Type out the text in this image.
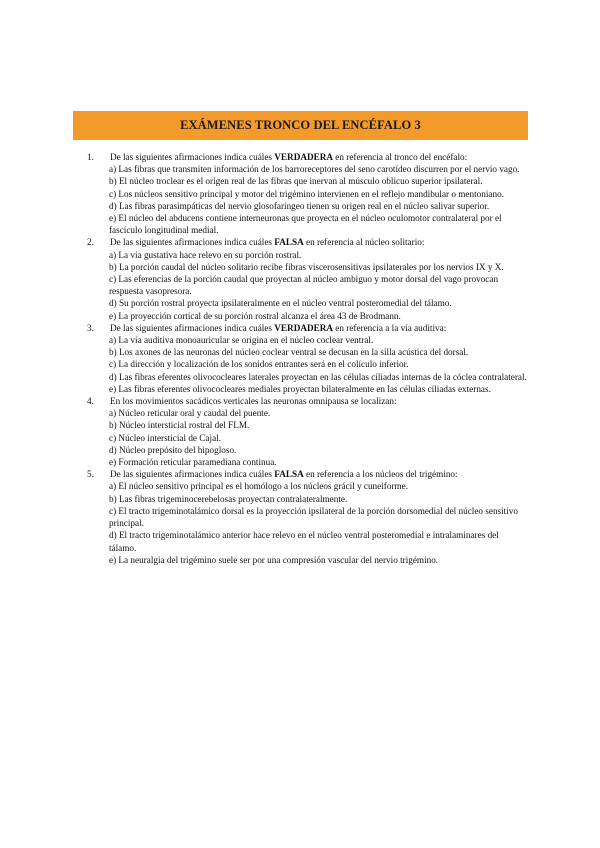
EXÁMENES TRONCO DEL ENCÉFALO 3
1. De las siguientes afirmaciones indica cuáles VERDADERA en referencia al tronco del encéfalo:
a) Las fibras que transmiten información de los barroreceptores del seno carotídeo discurren por el nervio vago.
b) El núcleo troclear es el origen real de las fibras que inervan al músculo oblicuo superior ipsilateral.
c) Los núcleos sensitivo principal y motor del trigémino intervienen en el reflejo mandibular o mentoniano.
d) Las fibras parasimpáticas del nervio glosofaríngeo tienen su origen real en el núcleo salivar superior.
e) El núcleo del abducens contiene interneuronas que proyecta en el núcleo oculomotor contralateral por el fascículo longitudinal medial.
2. De las siguientes afirmaciones indica cuáles FALSA en referencia al núcleo solitario:
a) La vía gustativa hace relevo en su porción rostral.
b) La porción caudal del núcleo solitario recibe fibras viscerosensitivas ipsilaterales por los nervios IX y X.
c) Las eferencias de la porción caudal que proyectan al núcleo ambiguo y motor dorsal del vago provocan respuesta vasopresora.
d) Su porción rostral proyecta ipsilateralmente en el núcleo ventral posteromedial del tálamo.
e) La proyección cortical de su porción rostral alcanza el área 43 de Brodmann.
3. De las siguientes afirmaciones indica cuáles VERDADERA en referencia a la vía auditiva:
a) La vía auditiva monoauricular se origina en el núcleo coclear ventral.
b) Los axones de las neuronas del núcleo coclear ventral se decusan en la silla acústica del dorsal.
c) La dirección y localización de los sonidos entrantes será en el colículo inferior.
d) Las fibras eferentes olivococleares laterales proyectan en las células ciliadas internas de la cóclea contralateral.
e) Las fibras eferentes olivococleares mediales proyectan bilateralmente en las células ciliadas externas.
4. En los movimientos sacádicos verticales las neuronas omnipausa se localizan:
a) Núcleo reticular oral y caudal del puente.
b) Núcleo intersticial rostral del FLM.
c) Núcleo intersticial de Cajal.
d) Núcleo prepósito del hipogloso.
e) Formación reticular paramediana continua.
5. De las siguientes afirmaciones indica cuáles FALSA en referencia a los núcleos del trigémino:
a) El núcleo sensitivo principal es el homólogo a los núcleos grácil y cuneiforme.
b) Las fibras trigeminocerebelosas proyectan contralateralmente.
c) El tracto trigeminotalámico dorsal es la proyección ipsilateral de la porción dorsomedial del núcleo sensitivo principal.
d) El tracto trigeminotalámico anterior hace relevo en el núcleo ventral posteromedial e intralaminares del tálamo.
e) La neuralgia del trigémino suele ser por una compresión vascular del nervio trigémino.
